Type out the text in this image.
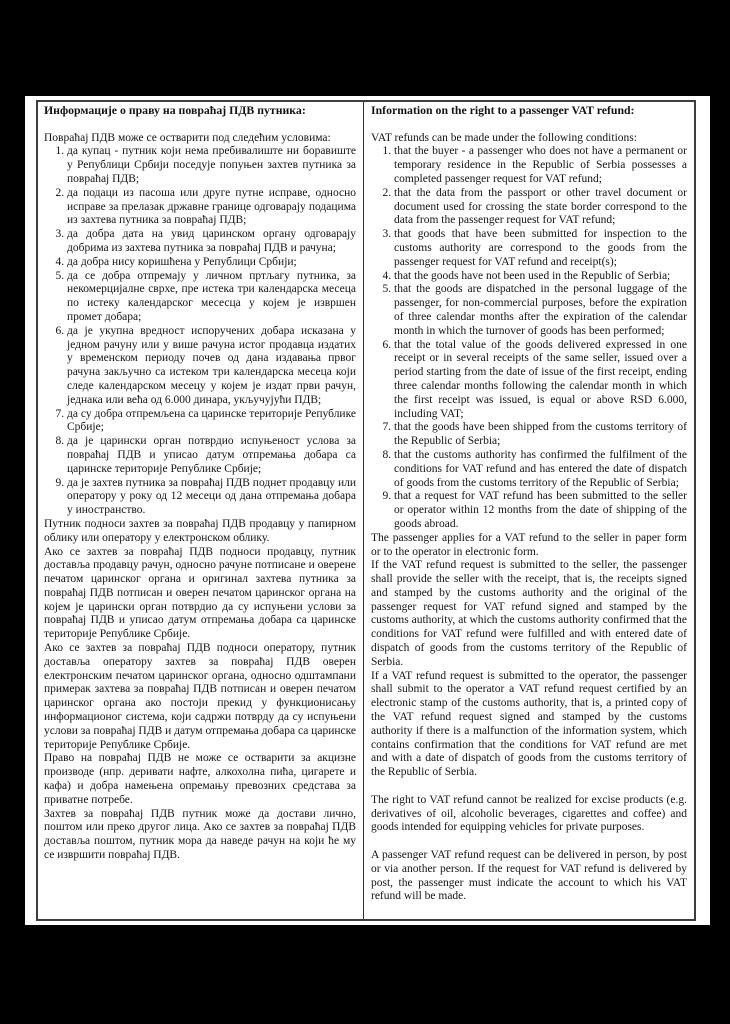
Информације о праву на повраћај ПДВ путника:

Повраћај ПДВ може се остварити под следећим условима:

1. да купац - путник који нема пребивалиште ни боравиште у Републици Србији поседује попуњен захтев путника за повраћај ПДВ;
2. да подаци из пасоша или друге путне исправе, односно исправе за прелазак државне границе одговарају подацима из захтева путника за повраћај ПДВ;
3. да добра дата на увид царинском органу одговарају добрима из захтева путника за повраћај ПДВ и рачуна;
4. да добра нису коришћена у Републици Србији;
5. да се добра отпремају у личном пртљагу путника, за некомерцијалне сврхе, пре истека три календарска месеца по истеку календарског месесца у којем је извршен промет добара;
6. да је укупна вредност испоручених добара исказана у једном рачуну или у више рачуна истог продавца издатих у временском периоду почев од дана издавања првог рачуна закључно са истеком три календарска месеца који следе календарском месецу у којем је издат први рачун, једнака или већа од 6.000 динара, укључујући ПДВ;
7. да су добра отпремљена са царинске територије Републике Србије;
8. да је царински орган потврдио испуњеност услова за повраћај ПДВ и уписао датум отпремања добара са царинске територије Републике Србије;
9. да је захтев путника за повраћај ПДВ поднет продавцу или оператору у року од 12 месеци од дана отпремања добара у иностранство.

Путник подноси захтев за повраћај ПДВ продавцу у папирном облику или оператору у електронском облику.

Ако се захтев за повраћај ПДВ подноси продавцу, путник доставља продавцу рачун, односно рачуне потписане и оверене печатом царинског органа и оригинал захтева путника за повраћај ПДВ потписан и оверен печатом царинског органа на којем је царински орган потврдио да су испуњени услови за повраћај ПДВ и уписао датум отпремања добара са царинске територије Републике Србије.

Ако се захтев за повраћај ПДВ подноси оператору, путник доставља оператору захтев за повраћај ПДВ оверен електронским печатом царинског органа, односно одштампани примерак захтева за повраћај ПДВ потписан и оверен печатом царинског органа ако постоји прекид у функционисању информационог система, који садржи потврду да су испуњени услови за повраћај ПДВ и датум отпремања добара са царинске територије Републике Србије.

Право на повраћај ПДВ не може се остварити за акцизне производе (нпр. деривати нафте, алкохолна пића, цигарете и кафа) и добра намењена опремању превозних средстава за приватне потребе.

Захтев за повраћај ПДВ путник може да достави лично, поштом или преко другог лица. Ако се захтев за повраћај ПДВ доставља поштом, путник мора да наведе рачун на који ће му се извршити повраћај ПДВ.

Information on the right to a passenger VAT refund:

VAT refunds can be made under the following conditions:

1. that the buyer - a passenger who does not have a permanent or temporary residence in the Republic of Serbia possesses a completed passenger request for VAT refund;
2. that the data from the passport or other travel document or document used for crossing the state border correspond to the data from the passenger request for VAT refund;
3. that goods that have been submitted for inspection to the customs authority are correspond to the goods from the passenger request for VAT refund and receipt(s);
4. that the goods have not been used in the Republic of Serbia;
5. that the goods are dispatched in the personal luggage of the passenger, for non-commercial purposes, before the expiration of three calendar months after the expiration of the calendar month in which the turnover of goods has been performed;
6. that the total value of the goods delivered expressed in one receipt or in several receipts of the same seller, issued over a period starting from the date of issue of the first receipt, ending three calendar months following the calendar month in which the first receipt was issued, is equal or above RSD 6.000, including VAT;
7. that the goods have been shipped from the customs territory of the Republic of Serbia;
8. that the customs authority has confirmed the fulfilment of the conditions for VAT refund and has entered the date of dispatch of goods from the customs territory of the Republic of Serbia;
9. that a request for VAT refund has been submitted to the seller or operator within 12 months from the date of shipping of the goods abroad.

The passenger applies for a VAT refund to the seller in paper form or to the operator in electronic form.

If the VAT refund request is submitted to the seller, the passenger shall provide the seller with the receipt, that is, the receipts signed and stamped by the customs authority and the original of the passenger request for VAT refund signed and stamped by the customs authority, at which the customs authority confirmed that the conditions for VAT refund were fulfilled and with entered date of dispatch of goods from the customs territory of the Republic of Serbia.

If a VAT refund request is submitted to the operator, the passenger shall submit to the operator a VAT refund request certified by an electronic stamp of the customs authority, that is, a printed copy of the VAT refund request signed and stamped by the customs authority if there is a malfunction of the information system, which contains confirmation that the conditions for VAT refund are met and with a date of dispatch of goods from the customs territory of the Republic of Serbia.

The right to VAT refund cannot be realized for excise products (e.g. derivatives of oil, alcoholic beverages, cigarettes and coffee) and goods intended for equipping vehicles for private purposes.

A passenger VAT refund request can be delivered in person, by post or via another person. If the request for VAT refund is delivered by post, the passenger must indicate the account to which his VAT refund will be made.
